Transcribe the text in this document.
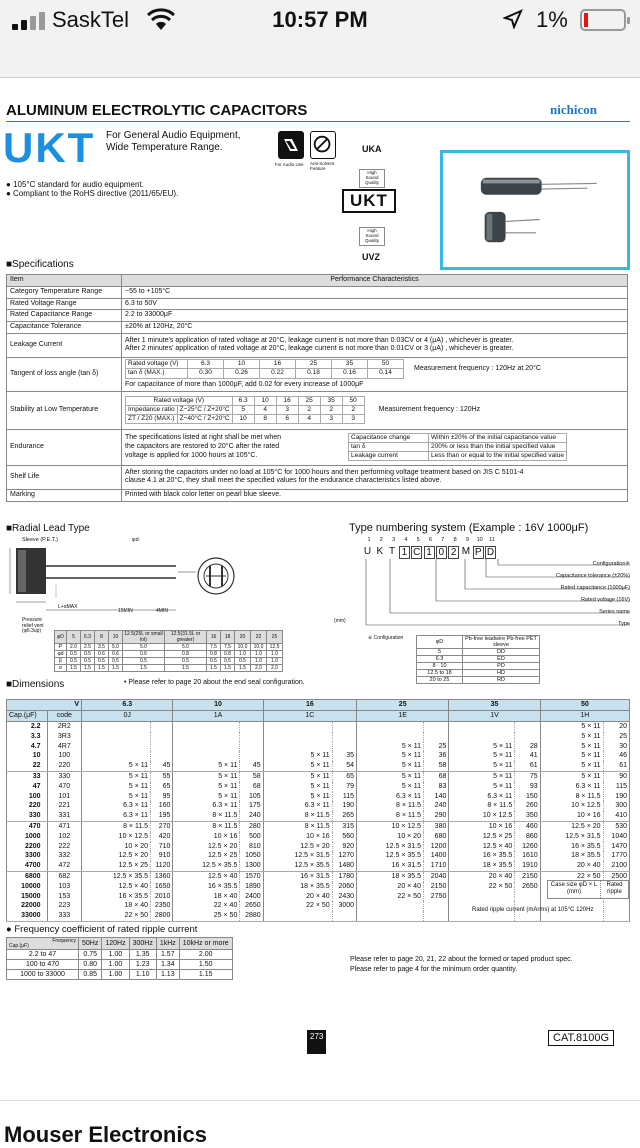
SaskTel	10:57 PM	1%
ALUMINUM ELECTROLYTIC CAPACITORS	nichicon
UKT For General Audio Equipment,
Wide Temperature Range.
For Audio Use Anti-Solvent Feature
UKA
High Sound Quality
UKT
High Sound Quality
UVZ
● 105°C standard for audio equipment.
● Compliant to the RoHS directive (2011/65/EU).
■Specifications
Item	Performance Characteristics
Category Temperature Range	−55 to +105°C
Rated Voltage Range	6.3 to 50V
Rated Capacitance Range	2.2 to 33000μF
Capacitance Tolerance	±20% at 120Hz, 20°C
Leakage Current	
After 1 minute's application of rated voltage at 20°C, leakage current is not more than 0.03CV or 4 (μA) , whichever is greater.
After 2 minutes' application of rated voltage at 20°C, leakage current is not more than 0.01CV or 3 (μA) , whichever is greater.

Tangent of loss angle (tan δ)	
Rated voltage (V)	6.3	10	16	25	35	50
tan δ (MAX.)	0.30	0.26	0.22	0.18	0.16	0.14
Measurement frequency : 120Hz at 20°C
For capacitance of more than 1000μF, add 0.02 for every increase of 1000μF

Stability at Low Temperature	
Rated voltage (V)	6.3	10	16	25	35	50
Impedance ratio	Z−25°C / Z+20°C	5	4	3	2	2	2
ZT / Z20 (MAX.)	Z−40°C / Z+20°C	10	8	6	4	3	3
Measurement frequency : 120Hz

Endurance	
The specifications listed at right shall be met when
the capacitors are restored to 20°C after the rated
voltage is applied for 1000 hours at 105°C.
Capacitance change	Within ±20% of the initial capacitance value
tan δ	200% or less than the initial specified value
Leakage current	Less than or equal to the initial specified value

Shelf Life	
After storing the capacitors under no load at 105°C for 1000 hours and then performing voltage treatment based on JIS C 5101-4
clause 4.1 at 20°C, they shall meet the specified values for the endurance characteristics listed above.

Marking	Printed with black color letter on pearl blue sleeve.
■Radial Lead Type
Sleeve (P.E.T.)	φd
L+αMAX
15MIN	4MIN
Pressure relief vent (φ6.3up)
(mm)
φD	5	6.3	8	10	12.5(25L or small lot)	12.5(31.5L or greater)	16	18	20	22	25
P	2.0	2.5	3.5	5.0	5.0	5.0	7.5	7.5	10.0	10.0	12.5
φd	0.5	0.5	0.6	0.6	0.6	0.8	0.8	0.8	1.0	1.0	1.0
β	0.5	0.5	0.5	0.5	0.5	0.5	0.5	0.5	0.5	1.0	1.0
α	1.5	1.5	1.5	1.5	1.5	1.5	1.5	1.5	1.5	2.0	2.0
Type numbering system (Example : 16V 1000μF)
1	2	3	4	5	6	7	8	9	10	11
U K T 1 C 1 0 2 M P D
Configuration※
Capacitance tolerance (±20%)
Rated capacitance (1000μF)
Rated voltage (16V)
Series name
Type
※ Configuration
φD	Pb-free leadwire Pb-free PET sleeve
5	DD
6.3	ED
8 · 10	PD
12.5 to 18	HD
20 to 25	RD
■Dimensions	• Please refer to page 20 about the end seal configuration.
V		6.3		10		16		25		35		50	
Cap.(μF)	code	0J		1A		1C		1E		1V		1H	
2.2	2R2											5 × 11	20
3.3	3R3											5 × 11	25
4.7	4R7							5 × 11	25	5 × 11	28	5 × 11	30
10	100					5 × 11	35	5 × 11	36	5 × 11	41	5 × 11	46
22	220	5 × 11	45	5 × 11	45	5 × 11	54	5 × 11	58	5 × 11	61	5 × 11	61
33	330	5 × 11	55	5 × 11	58	5 × 11	65	5 × 11	68	5 × 11	75	5 × 11	90
47	470	5 × 11	65	5 × 11	68	5 × 11	79	5 × 11	83	5 × 11	93	6.3 × 11	115
100	101	5 × 11	95	5 × 11	105	5 × 11	115	6.3 × 11	140	6.3 × 11	150	8 × 11.5	190
220	221	6.3 × 11	160	6.3 × 11	175	6.3 × 11	190	8 × 11.5	240	8 × 11.5	260	10 × 12.5	300
330	331	6.3 × 11	195	8 × 11.5	240	8 × 11.5	265	8 × 11.5	290	10 × 12.5	350	10 × 16	410
470	471	8 × 11.5	270	8 × 11.5	280	8 × 11.5	315	10 × 12.5	380	10 × 16	460	12.5 × 20	530
1000	102	10 × 12.5	420	10 × 16	500	10 × 16	560	10 × 20	680	12.5 × 25	860	12.5 × 31.5	1040
2200	222	10 × 20	710	12.5 × 20	810	12.5 × 20	920	12.5 × 31.5	1200	12.5 × 40	1260	16 × 35.5	1470
3300	332	12.5 × 20	910	12.5 × 25	1050	12.5 × 31.5	1270	12.5 × 35.5	1400	16 × 35.5	1610	18 × 35.5	1770
4700	472	12.5 × 25	1120	12.5 × 35.5	1300	12.5 × 35.5	1480	16 × 31.5	1710	18 × 35.5	1910	20 × 40	2100
6800	682	12.5 × 35.5	1360	12.5 × 40	1570	16 × 31.5	1780	18 × 35.5	2040	20 × 40	2150	22 × 50	2500
10000	103	12.5 × 40	1650	16 × 35.5	1890	18 × 35.5	2060	20 × 40	2150	22 × 50	2650		
15000	153	16 × 35.5	2010	18 × 40	2400	20 × 40	2430	22 × 50	2750				
22000	223	18 × 40	2350	22 × 40	2650	22 × 50	3000						
33000	333	22 × 50	2800	25 × 50	2880								
Case size φD × L (mm)
Rated ripple
Rated ripple current (mArms) at 105°C 120Hz
● Frequency coefficient of rated ripple current
Frequency
Cap.(μF)	50Hz	120Hz	300Hz	1kHz	10kHz or more
2.2 to 47	0.75	1.00	1.35	1.57	2.00
100 to 470	0.80	1.00	1.23	1.34	1.50
1000 to 33000	0.85	1.00	1.10	1.13	1.15
Please refer to page 20, 21, 22 about the formed or taped product spec.
Please refer to page 4 for the minimum order quantity.
273	CAT.8100G
Mouser Electronics
